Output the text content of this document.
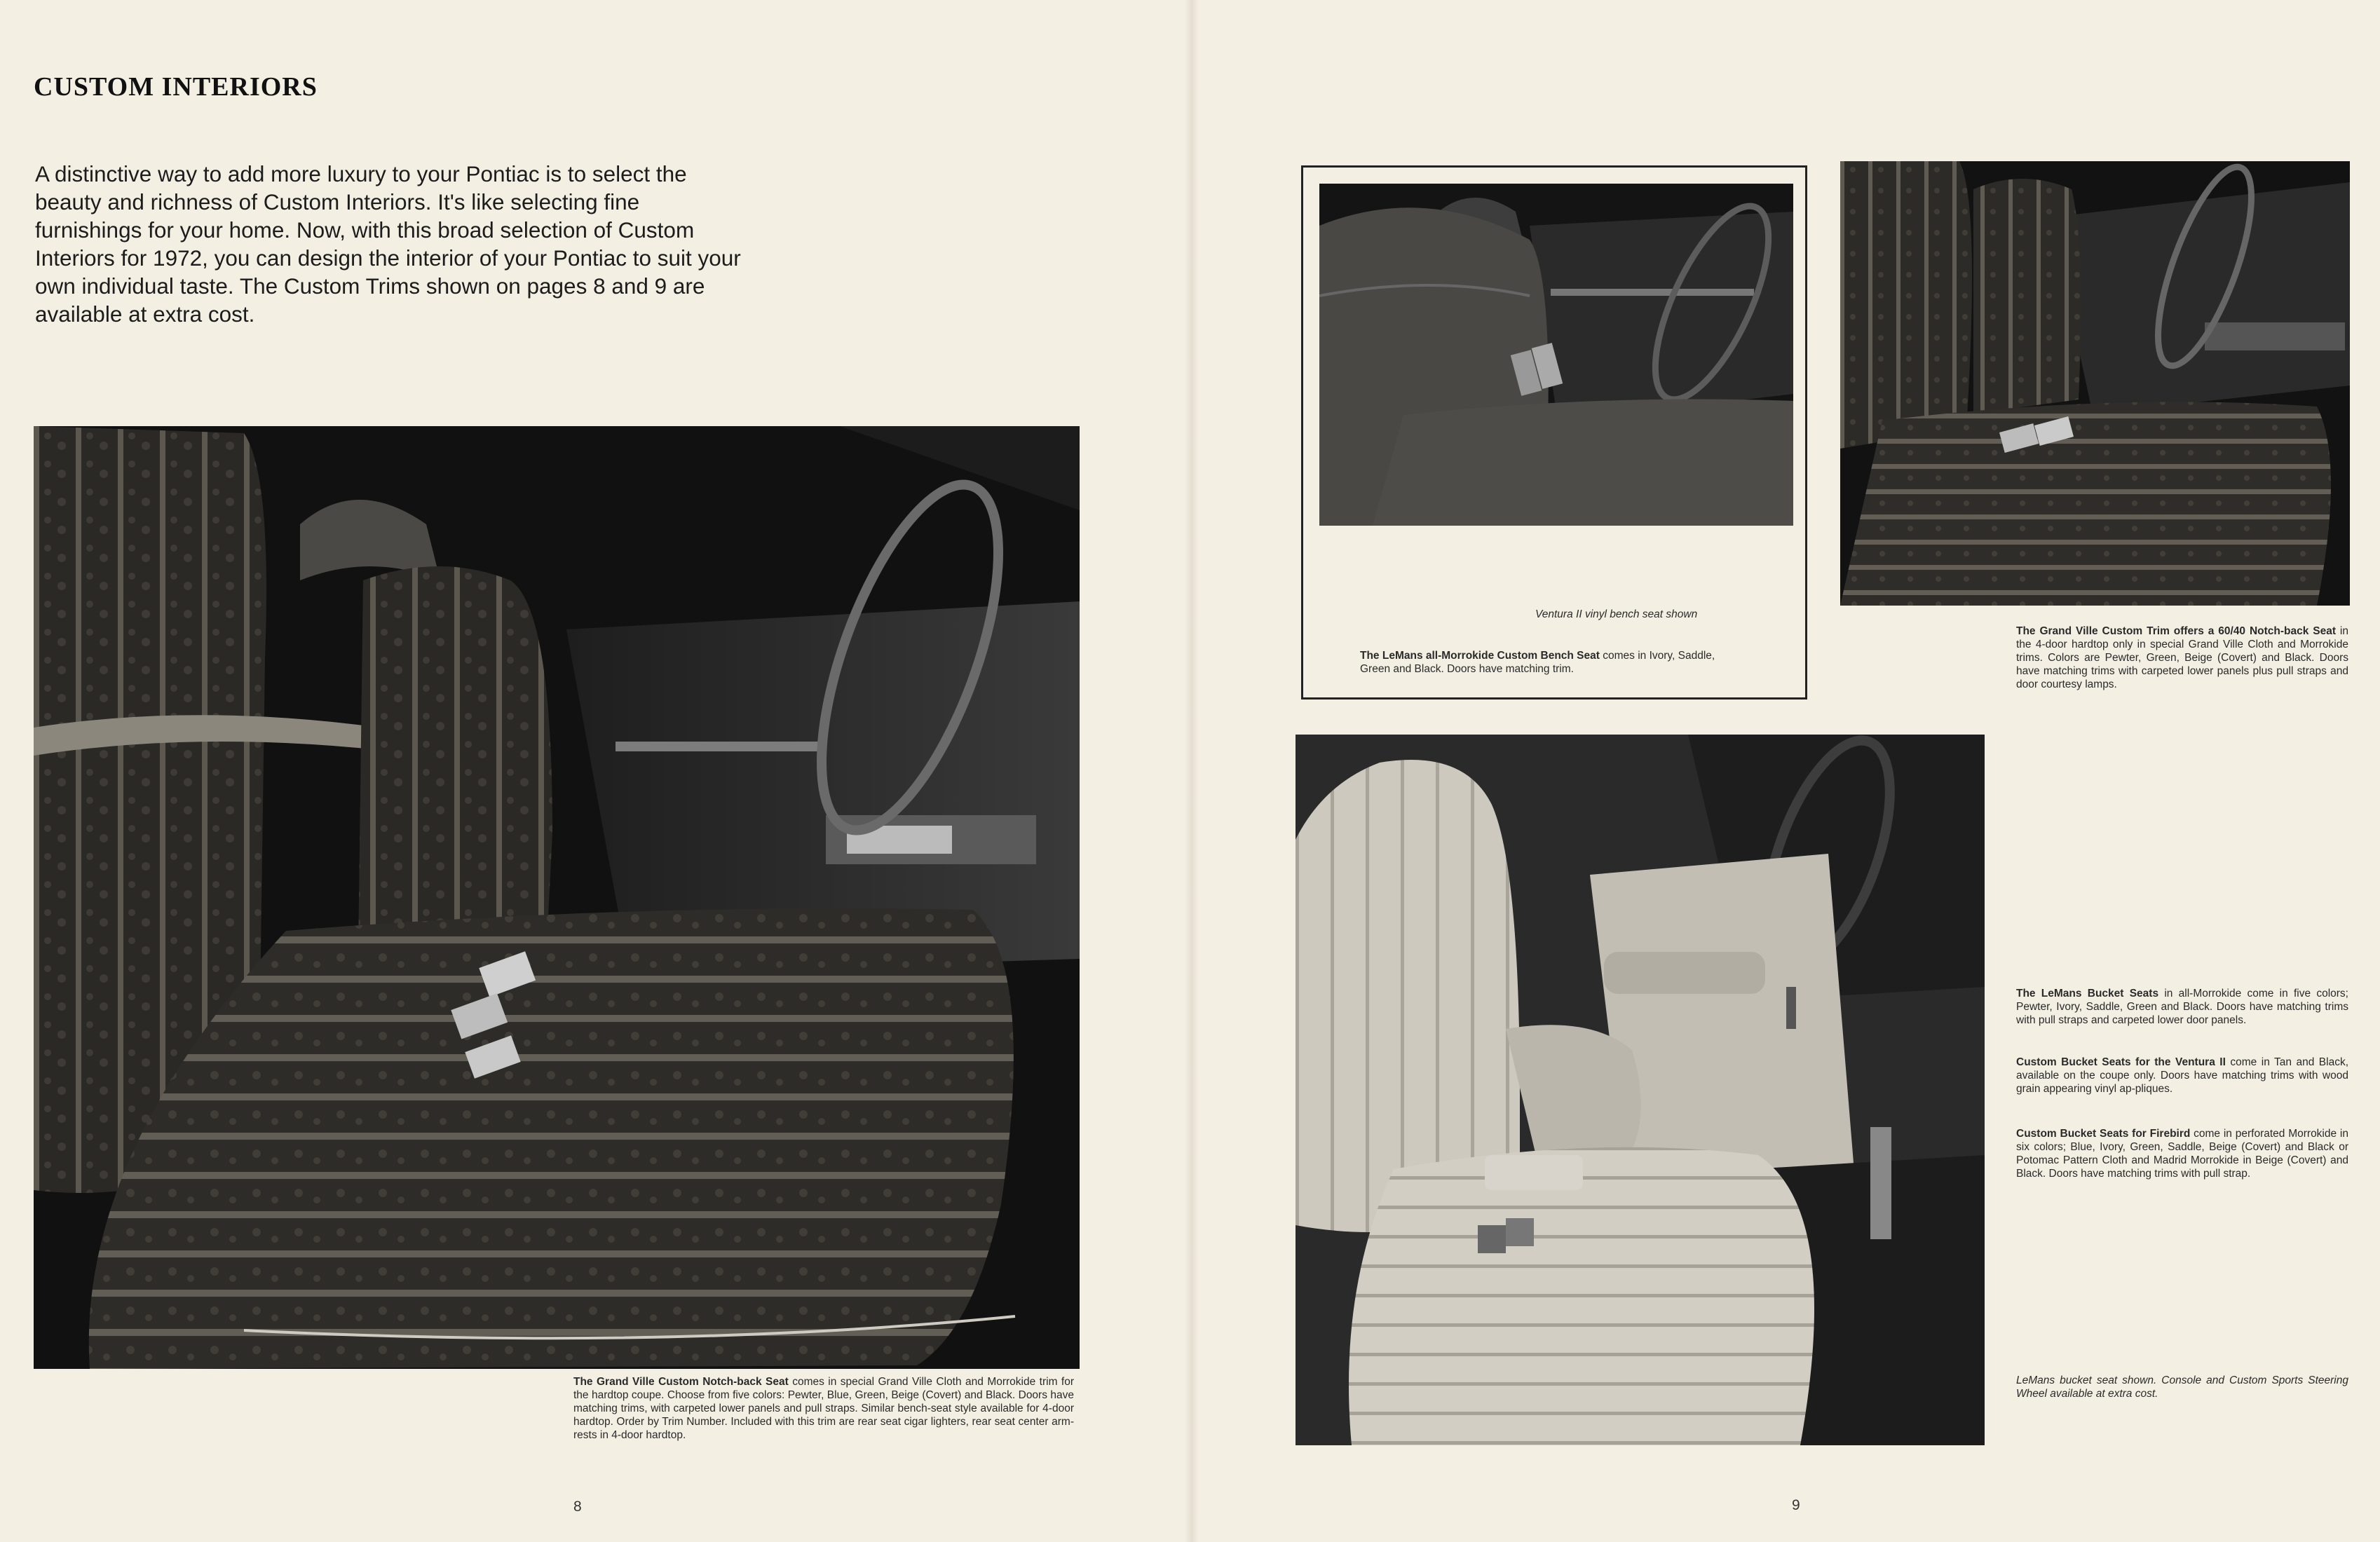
CUSTOM INTERIORS
A distinctive way to add more luxury to your Pontiac is to select the beauty and richness of Custom Interiors. It's like selecting fine furnishings for your home. Now, with this broad selection of Custom Interiors for 1972, you can design the interior of your Pontiac to suit your own individual taste. The Custom Trims shown on pages 8 and 9 are available at extra cost.
The Grand Ville Custom Notch-back Seat comes in special Grand Ville Cloth and Morrokide trim for the hardtop coupe. Choose from five colors: Pewter, Blue, Green, Beige (Covert) and Black. Doors have matching trims, with carpeted lower panels and pull straps. Similar bench-seat style available for 4-door hardtop. Order by Trim Number. Included with this trim are rear seat cigar lighters, rear seat center arm-rests in 4-door hardtop.
8
Ventura II vinyl bench seat shown
The LeMans all-Morrokide Custom Bench Seat comes in Ivory, Saddle, Green and Black. Doors have matching trim.
The Grand Ville Custom Trim offers a 60/40 Notch-back Seat in the 4-door hardtop only in special Grand Ville Cloth and Morrokide trims. Colors are Pewter, Green, Beige (Covert) and Black. Doors have matching trims with carpeted lower panels plus pull straps and door courtesy lamps.
The LeMans Bucket Seats in all-Morrokide come in five colors; Pewter, Ivory, Saddle, Green and Black. Doors have matching trims with pull straps and carpeted lower door panels.
Custom Bucket Seats for the Ventura II come in Tan and Black, available on the coupe only. Doors have matching trims with wood grain appearing vinyl ap-pliques.
Custom Bucket Seats for Firebird come in perforated Morrokide in six colors; Blue, Ivory, Green, Saddle, Beige (Covert) and Black or Potomac Pattern Cloth and Madrid Morrokide in Beige (Covert) and Black. Doors have matching trims with pull strap.
LeMans bucket seat shown. Console and Custom Sports Steering Wheel available at extra cost.
9
